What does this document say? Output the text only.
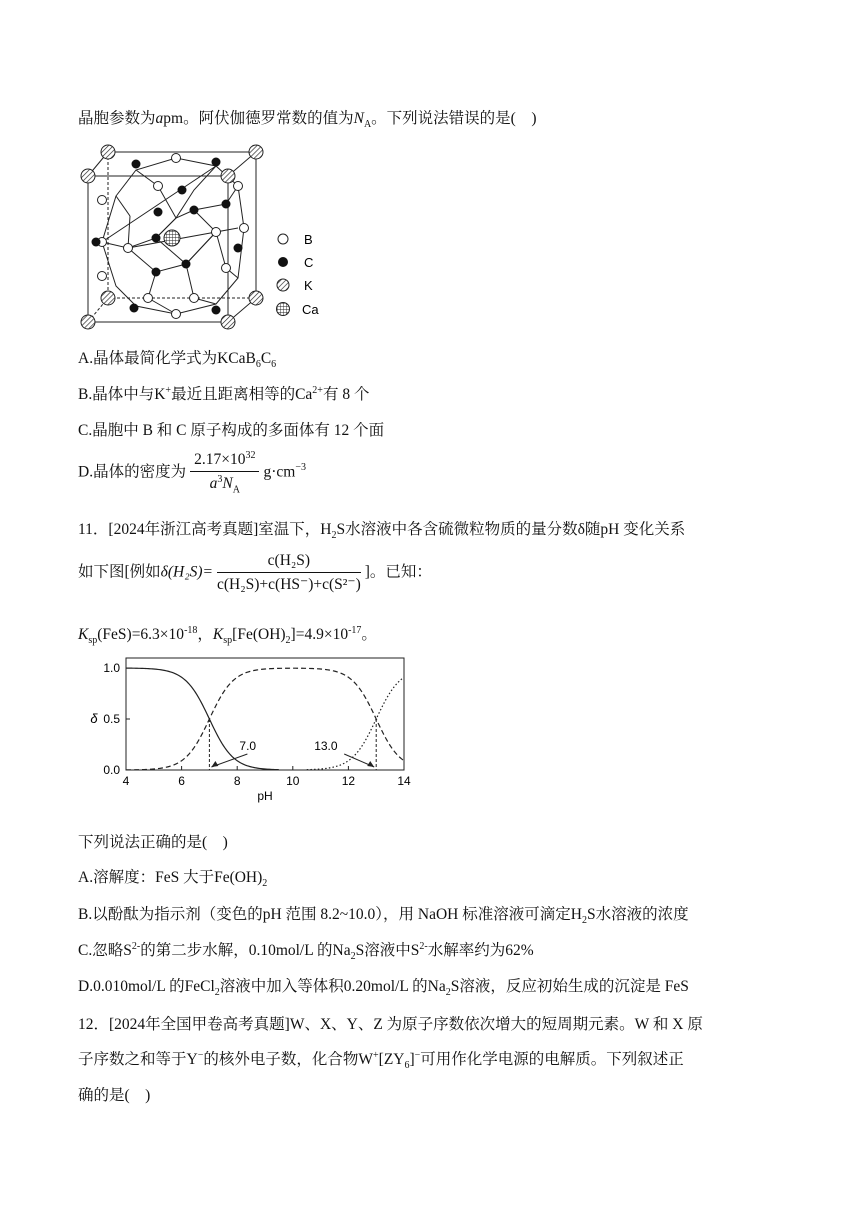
晶胞参数为apm。阿伏伽德罗常数的值为$N_A$。下列说法错误的是(　)
B
C
K
Ca
A.晶体最简化学式为$KCaB_6C_6$
B.晶体中与K+最近且距离相等的$Ca^{2+}$有 8 个
C.晶胞中 B 和 C 原子构成的多面体有 12 个面
D.晶体的密度为 $\frac{2.17\times 10^{32}}{a^3N_A} g\cdot cm^{-3}$
11．[2024年浙江高考真题]室温下，$H_2S$水溶液中各含硫微粒物质的量分数δ随pH 变化关系
如下图[例如$\delta(H_2S)= \frac{\text{c(H₂S)}}{\text{c(H₂S)+c(HS⁻)+c(S²⁻)}}$ ]。已知：
$K_{sp}(FeS)=6.3\times 10^{-18}$，$K_{sp}[Fe(OH)_2]=4.9\times 10^{-17}$。
4	6	8	10	12	14
0.0
0.5
1.0
7.0	13.0
pH
δ
下列说法正确的是(　)
A.溶解度：FeS 大于$Fe(OH)_2$
B.以酚酞为指示剂（变色的pH 范围 8.2~10.0），用 NaOH 标准溶液可滴定$H_2S$水溶液的浓度
C.忽略$S^{2-}$的第二步水解，0.10mol/L 的$Na_2S$溶液中$S^{2-}$水解率约为62%
D.0.010mol/L 的FeCl$_2$溶液中加入等体积0.20mol/L 的$Na_2S$溶液，反应初始生成的沉淀是 FeS
12．[2024年全国甲卷高考真题]W、X、Y、Z 为原子序数依次增大的短周期元素。W 和 X 原
子序数之和等于Y−的核外电子数，化合物$W^+[ZY_6]^-$可用作化学电源的电解质。下列叙述正
确的是(　)
